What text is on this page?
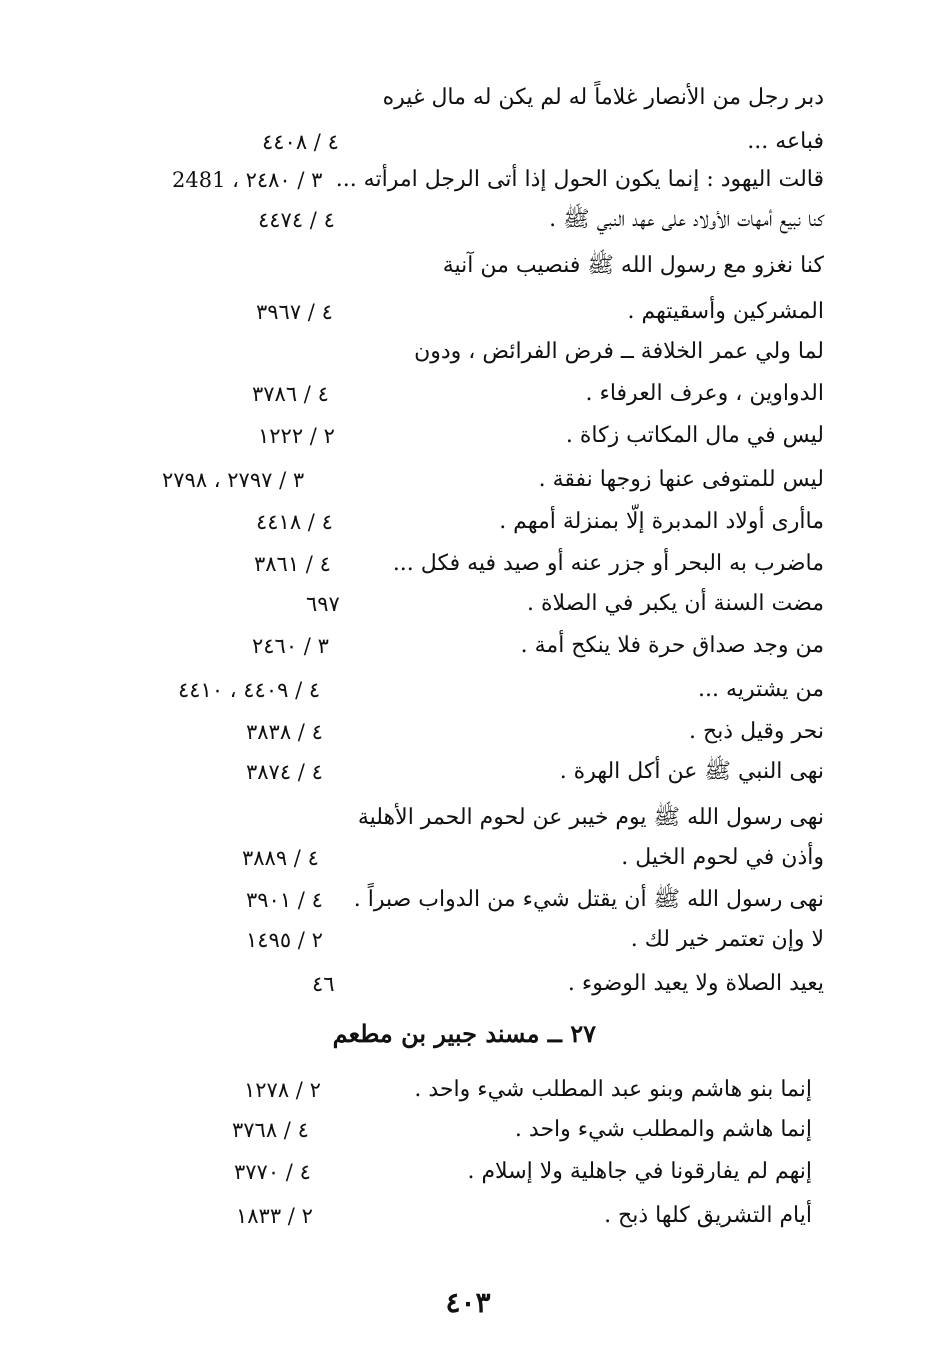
دبر رجل من الأنصار غلاماً له لم يكن له مال غيره
فباعه ...
٤ / ٤٤٠٨
قالت اليهود : إنما يكون الحول إذا أتى الرجل امرأته ...
٣ / ٢٤٨٠ ، 2481
كنا نبيع أمهات الأولاد على عهد النبي ﷺ .
٤ / ٤٤٧٤
كنا نغزو مع رسول الله ﷺ فنصيب من آنية
المشركين وأسقيتهم .
٤ / ٣٩٦٧
لما ولي عمر الخلافة ــ فرض الفرائض ، ودون
الدواوين ، وعرف العرفاء .
٤ / ٣٧٨٦
ليس في مال المكاتب زكاة .
٢ / ١٢٢٢
ليس للمتوفى عنها زوجها نفقة .
٣ / ٢٧٩٧ ، ٢٧٩٨
ماأرى أولاد المدبرة إلّا بمنزلة أمهم .
٤ / ٤٤١٨
ماضرب به البحر أو جزر عنه أو صيد فيه فكل ...
٤ / ٣٨٦١
مضت السنة أن يكبر في الصلاة .
٦٩٧
من وجد صداق حرة فلا ينكح أمة .
٣ / ٢٤٦٠
من يشتريه ...
٤ / ٤٤٠٩ ، ٤٤١٠
نحر وقيل ذبح .
٤ / ٣٨٣٨
نهى النبي ﷺ عن أكل الهرة .
٤ / ٣٨٧٤
نهى رسول الله ﷺ يوم خيبر عن لحوم الحمر الأهلية
وأذن في لحوم الخيل .
٤ / ٣٨٨٩
نهى رسول الله ﷺ أن يقتل شيء من الدواب صبراً .
٤ / ٣٩٠١
لا وإن تعتمر خير لك .
٢ / ١٤٩٥
يعيد الصلاة ولا يعيد الوضوء .
٤٦
٢٧ ــ مسند جبير بن مطعم
إنما بنو هاشم وبنو عبد المطلب شيء واحد .
٢ / ١٢٧٨
إنما هاشم والمطلب شيء واحد .
٤ / ٣٧٦٨
إنهم لم يفارقونا في جاهلية ولا إسلام .
٤ / ٣٧٧٠
أيام التشريق كلها ذبح .
٢ / ١٨٣٣
٤٠٣
